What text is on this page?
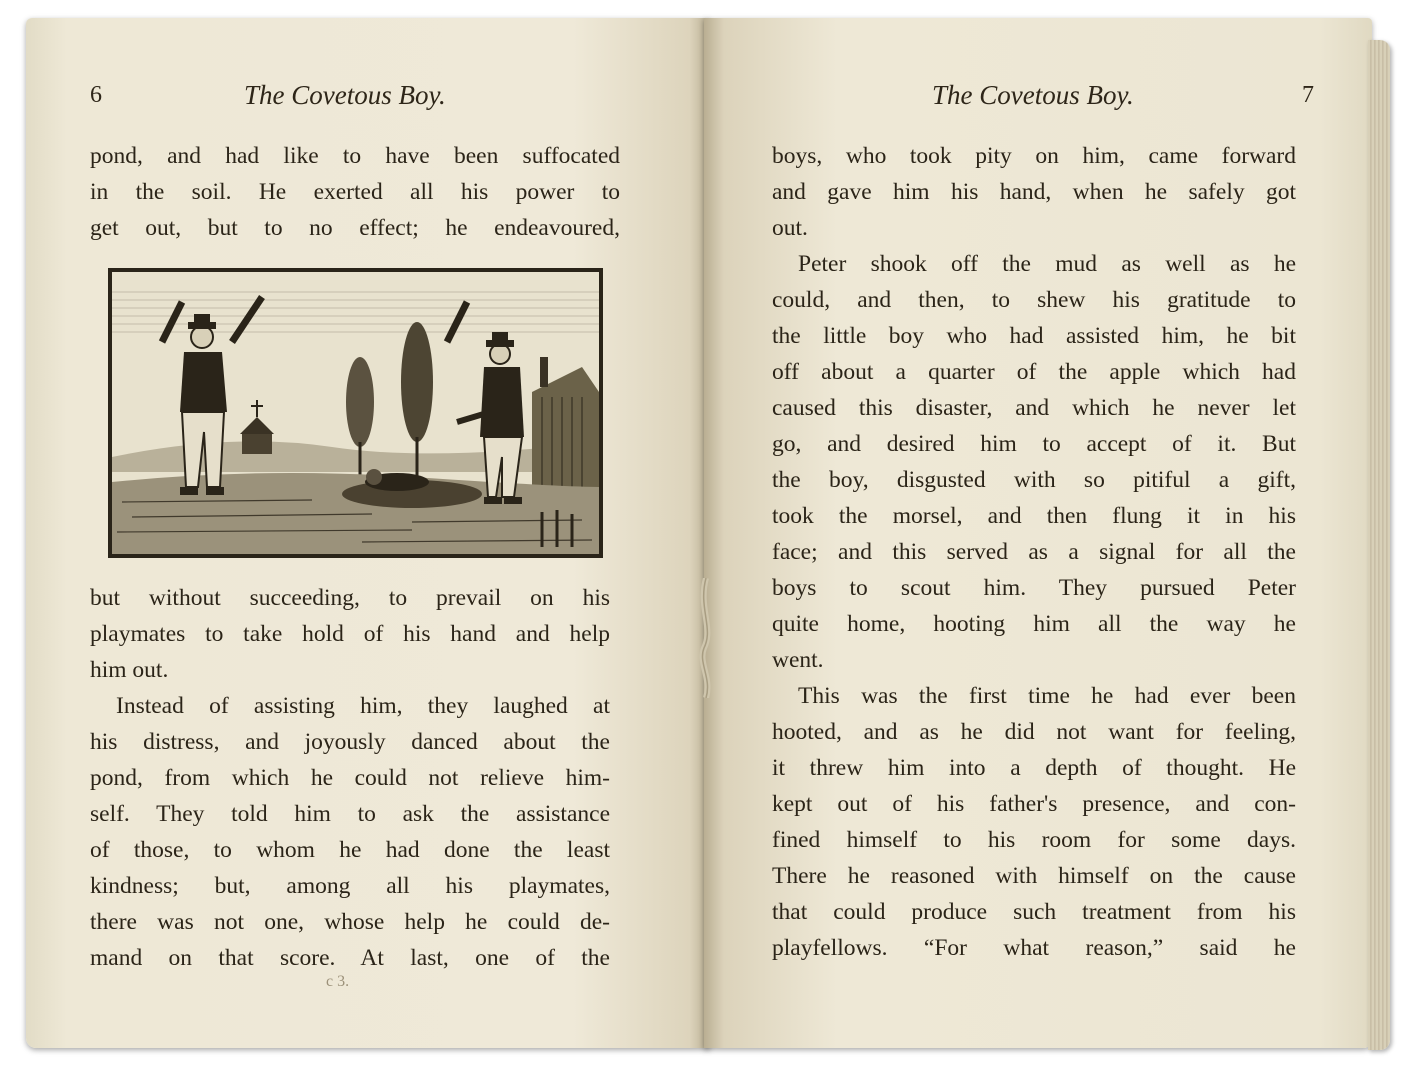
6	The Covetous Boy.
pond, and had like to have been suffocated
in the soil. He exerted all his power to
get out, but to no effect; he endeavoured,
but without succeeding, to prevail on his
playmates to take hold of his hand and help
him out.
Instead of assisting him, they laughed at
his distress, and joyously danced about the
pond, from which he could not relieve him-
self. They told him to ask the assistance
of those, to whom he had done the least
kindness; but, among all his playmates,
there was not one, whose help he could de-
mand on that score. At last, one of the
c 3.
The Covetous Boy.	7
boys, who took pity on him, came forward
and gave him his hand, when he safely got
out.
Peter shook off the mud as well as he
could, and then, to shew his gratitude to
the little boy who had assisted him, he bit
off about a quarter of the apple which had
caused this disaster, and which he never let
go, and desired him to accept of it. But
the boy, disgusted with so pitiful a gift,
took the morsel, and then flung it in his
face; and this served as a signal for all the
boys to scout him. They pursued Peter
quite home, hooting him all the way he
went.
This was the first time he had ever been
hooted, and as he did not want for feeling,
it threw him into a depth of thought. He
kept out of his father's presence, and con-
fined himself to his room for some days.
There he reasoned with himself on the cause
that could produce such treatment from his
playfellows. “For what reason,” said he
